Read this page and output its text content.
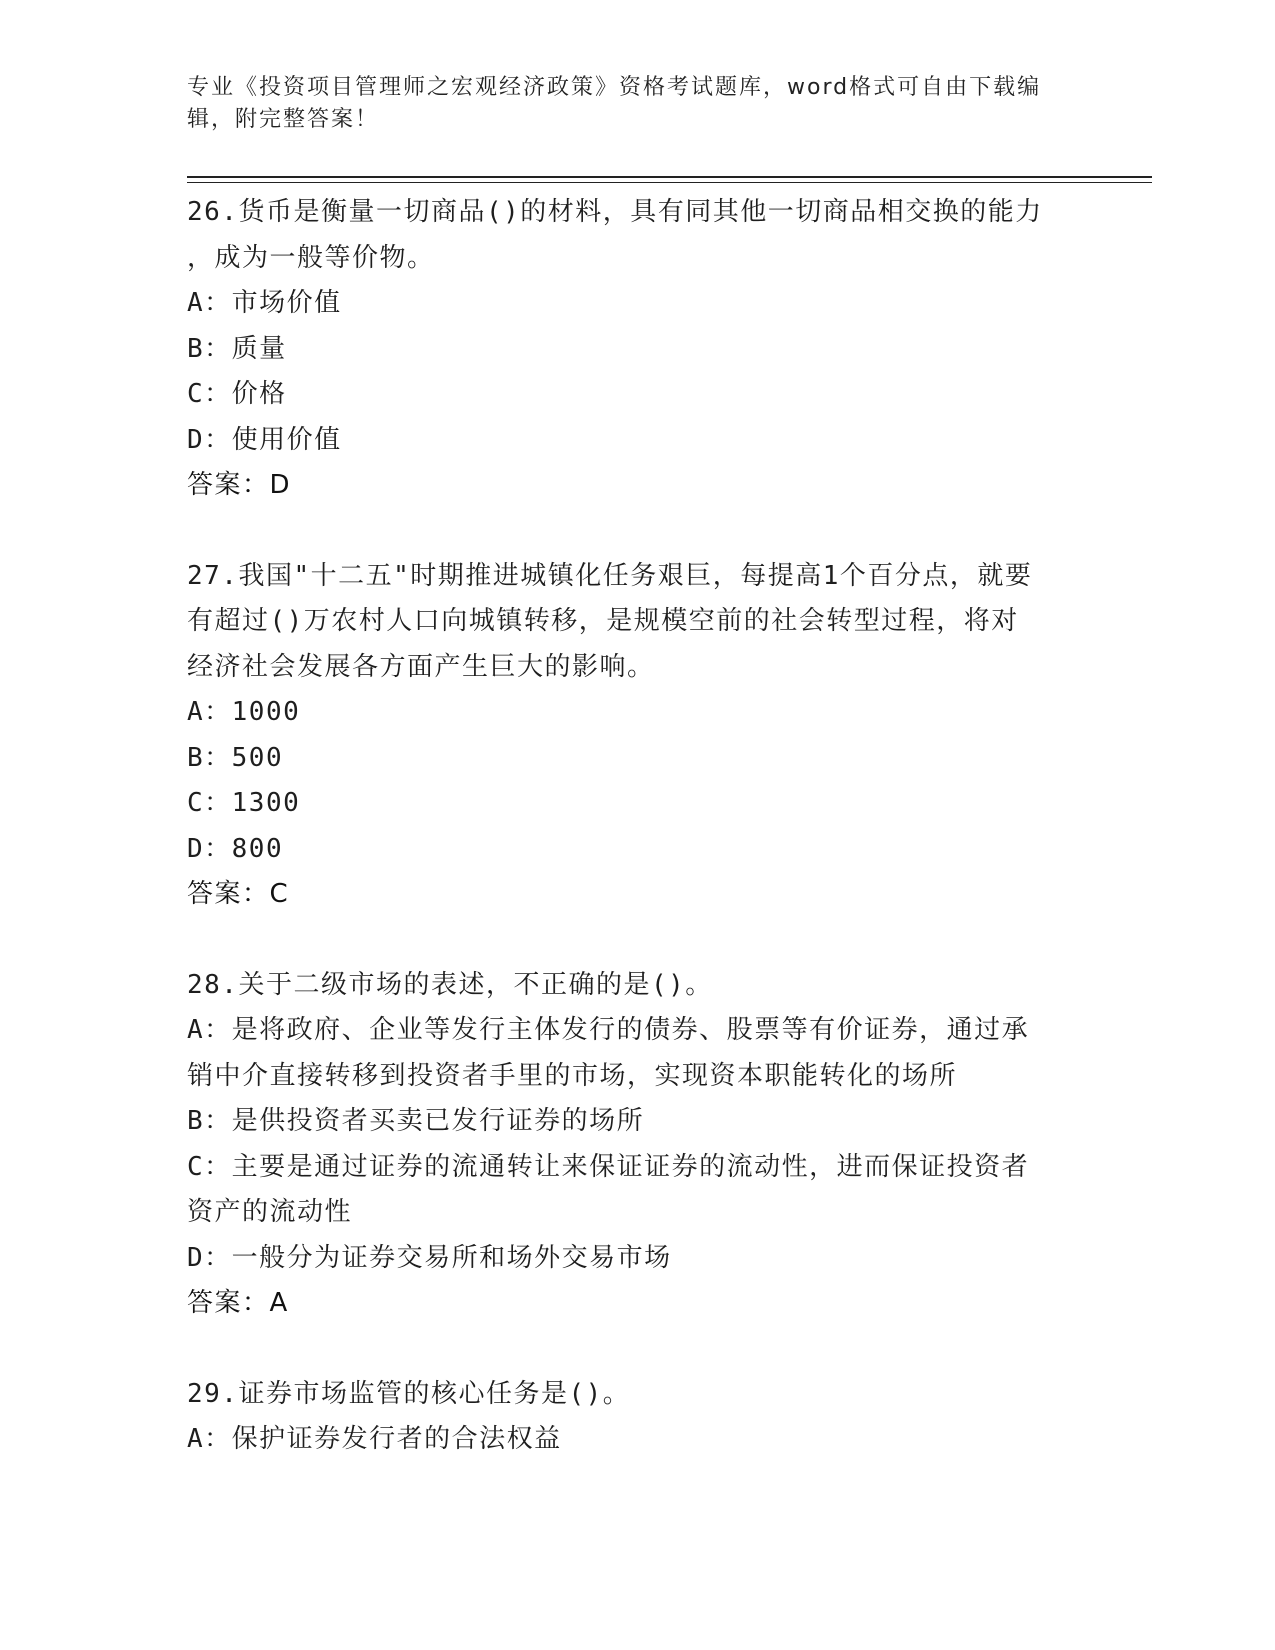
专业《投资项目管理师之宏观经济政策》资格考试题库，word格式可自由下载编辑，附完整答案！
26.货币是衡量一切商品()的材料，具有同其他一切商品相交换的能力
，成为一般等价物。
A：市场价值
B：质量
C：价格
D：使用价值
答案：D
27.我国"十二五"时期推进城镇化任务艰巨，每提高1个百分点，就要
有超过()万农村人口向城镇转移，是规模空前的社会转型过程，将对
经济社会发展各方面产生巨大的影响。
A：1000
B：500
C：1300
D：800
答案：C
28.关于二级市场的表述，不正确的是()。
A：是将政府、企业等发行主体发行的债券、股票等有价证券，通过承
销中介直接转移到投资者手里的市场，实现资本职能转化的场所
B：是供投资者买卖已发行证券的场所
C：主要是通过证券的流通转让来保证证券的流动性，进而保证投资者
资产的流动性
D：一般分为证券交易所和场外交易市场
答案：A
29.证券市场监管的核心任务是()。
A：保护证券发行者的合法权益
